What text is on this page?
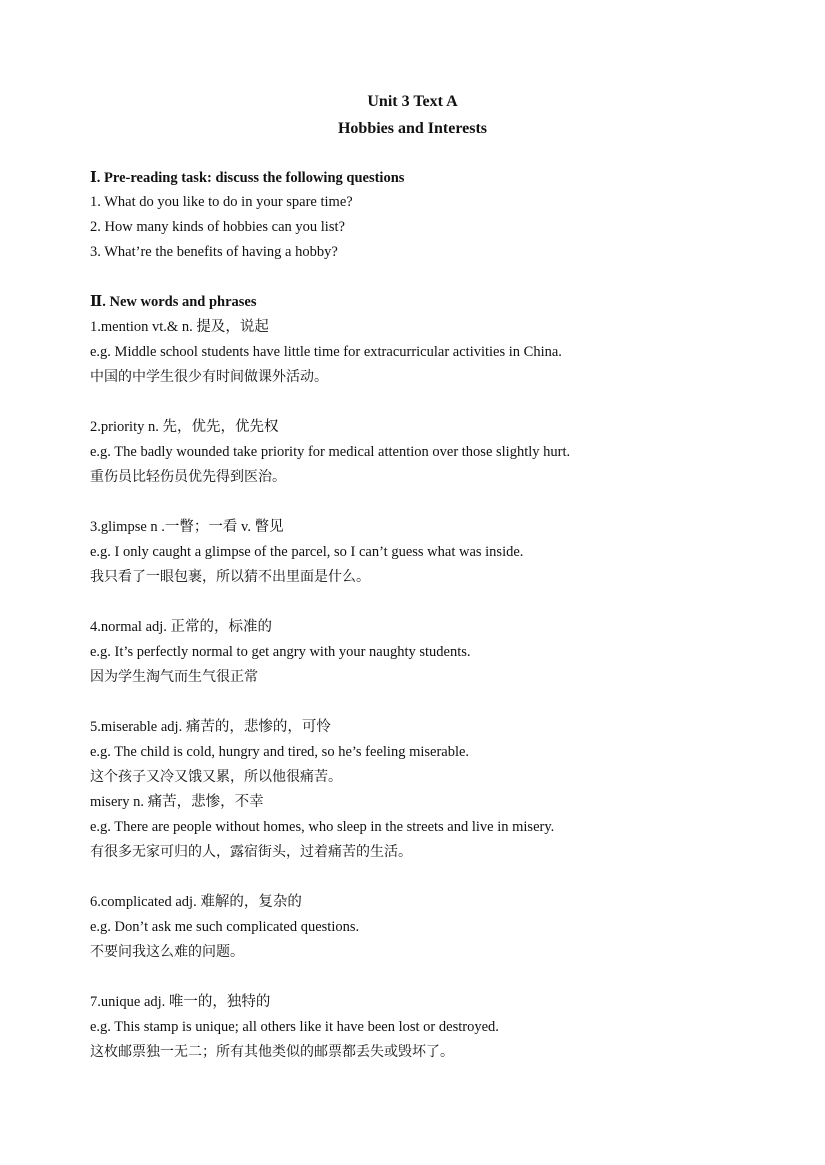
Unit 3 Text A
Hobbies and Interests
Ⅰ. Pre-reading task: discuss the following questions
1. What do you like to do in your spare time?
2. How many kinds of hobbies can you list?
3. What’re the benefits of having a hobby?
Ⅱ. New words and phrases
1.mention vt.& n. 提及，说起
e.g. Middle school students have little time for extracurricular activities in China.
中国的中学生很少有时间做课外活动。
2.priority n. 先，优先，优先权
e.g. The badly wounded take priority for medical attention over those slightly hurt.
重伤员比轻伤员优先得到医治。
3.glimpse n .一瞥；一看 v. 瞥见
e.g. I only caught a glimpse of the parcel, so I can’t guess what was inside.
我只看了一眼包裹，所以猜不出里面是什么。
4.normal adj. 正常的，标准的
e.g. It’s perfectly normal to get angry with your naughty students.
因为学生淘气而生气很正常
5.miserable adj. 痛苦的，悲惨的，可怜
e.g. The child is cold, hungry and tired, so he’s feeling miserable.
这个孩子又冷又饿又累，所以他很痛苦。
misery n. 痛苦，悲惨，不幸
e.g. There are people without homes, who sleep in the streets and live in misery.
有很多无家可归的人，露宿街头，过着痛苦的生活。
6.complicated adj. 难解的，复杂的
e.g. Don’t ask me such complicated questions.
不要问我这么难的问题。
7.unique adj. 唯一的，独特的
e.g. This stamp is unique; all others like it have been lost or destroyed.
这枚邮票独一无二；所有其他类似的邮票都丢失或毁坏了。
